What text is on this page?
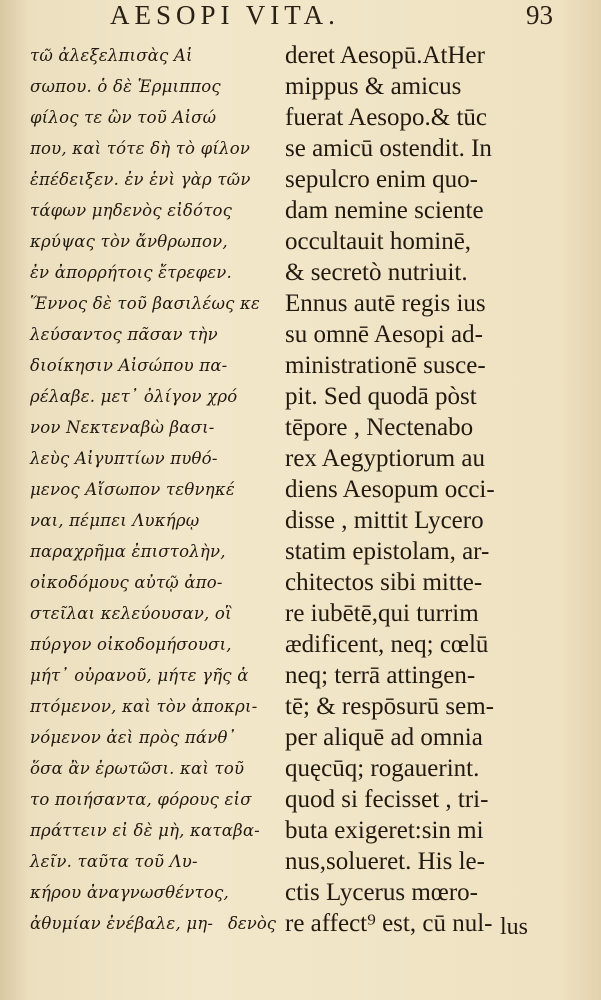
AESOPI VITA.	93
τῶ ἀλεξελπισὰς Αἱ
σωπου. ὁ δὲ Ἑρμιππος
φίλος τε ὢν τοῦ Αἰσώ
που, καὶ τότε δὴ τὸ φίλον
ἐπέδειξεν. ἐν ἑνὶ γὰρ τῶν
τάφων μηδενὸς εἰδότος
κρύψας τὸν ἄνθρωπον,
ἐν ἀπορρήτοις ἔτρεφεν.
Ἕννος δὲ τοῦ βασιλέως κε
λεύσαντος πᾶσαν τὴν
διοίκησιν Αἰσώπου πα-
ρέλαβε. μετ᾽ ὀλίγον χρό
νον Νεκτεναβὼ βασι-
λεὺς Αἰγυπτίων πυθό-
μενος Αἴσωπον τεθνηκέ
ναι, πέμπει Λυκήρῳ
παραχρῆμα ἐπιστολὴν,
οἰκοδόμους αὐτῷ ἀπο-
στεῖλαι κελεύουσαν, οἳ
πύργον οἰκοδομήσουσι,
μήτ᾽ οὐρανοῦ, μήτε γῆς ἁ
πτόμενον, καὶ τὸν ἀποκρι-
νόμενον ἀεὶ πρὸς πάνθ᾽
ὅσα ἂν ἐρωτῶσι. καὶ τοῦ
το ποιήσαντα, φόρους εἰσ
πράττειν εἰ δὲ μὴ, καταβα-
λεῖν. ταῦτα τοῦ Λυ-
κήρου ἀναγνωσθέντος,
ἀθυμίαν ἐνέβαλε, μη-
deret Aesopū.AtHer
mippus & amicus
fuerat Aesopo.& tūc
se amicū ostendit. In
sepulcro enim quo-
dam nemine sciente
occultauit hominē,
& secretò nutriuit.
Ennus autē regis ius
su omnē Aesopi ad-
ministrationē susce-
pit. Sed quodā pòst
tēpore , Nectenabo
rex Aegyptiorum au
diens Aesopum occi-
disse , mittit Lycero
statim epistolam, ar-
chitectos sibi mitte-
re iubētē,qui turrim
ædificent, neq; cœlū
neq; terrā attingen-
tē; & respōsurū sem-
per aliquē ad omnia
quęcūq; rogauerint.
quod si fecisset , tri-
buta exigeret:sin mi
nus,solueret. His le-
ctis Lycerus mœro-
re affect⁹ est, cū nul-
δενὸς	lus
